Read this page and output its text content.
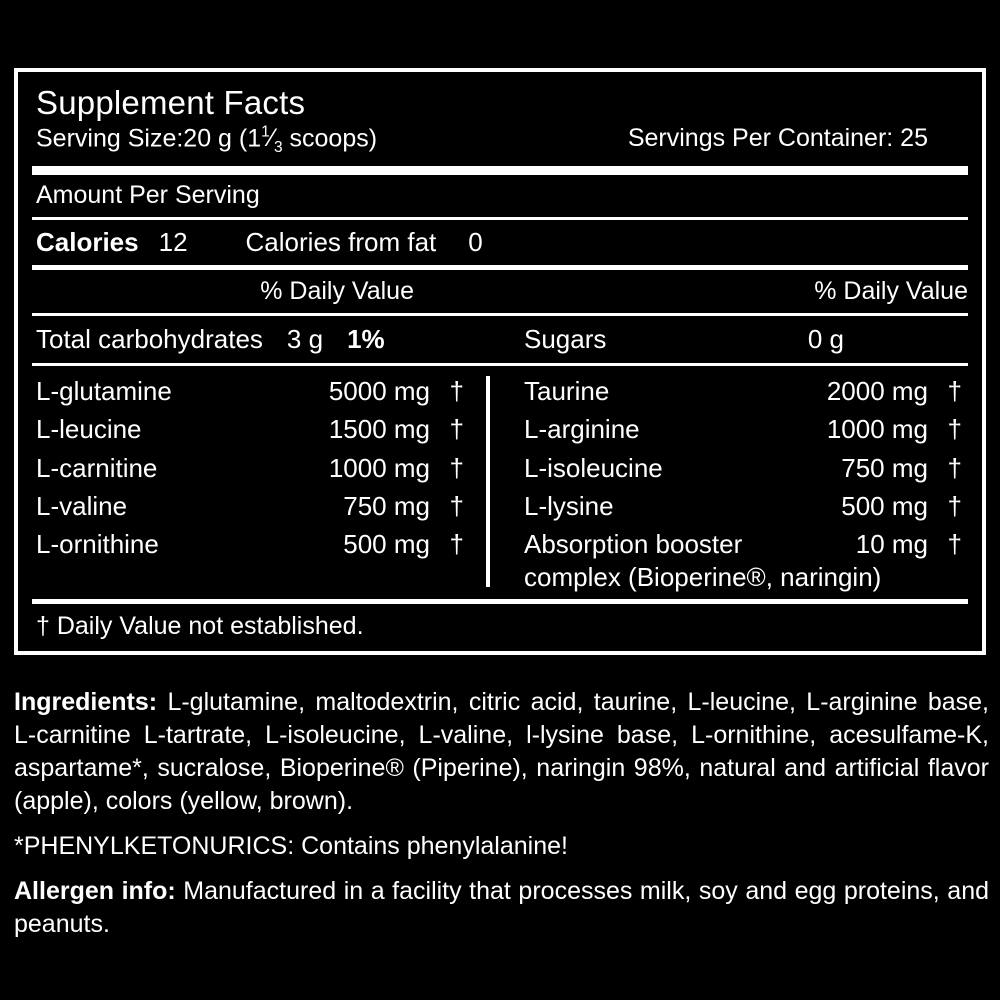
Supplement Facts
Serving Size:20 g ($1^1⁄_3$ scoops)	Servings Per Container: 25
Amount Per Serving
Calories 12 Calories from fat 0
% Daily Value	% Daily Value
Total carbohydrates 3 g 1%	Sugars	0 g
L-glutamine	5000 mg †
L-leucine	1500 mg †
L-carnitine	1000 mg †
L-valine	750 mg †
L-ornithine	500 mg †
Taurine	2000 mg †
L-arginine	1000 mg †
L-isoleucine	750 mg †
L-lysine	500 mg †
Absorption booster	10 mg †
complex (Bioperine®, naringin)
† Daily Value not established.

Ingredients: L-glutamine, maltodextrin, citric acid, taurine, L-leucine, L-arginine base, L-carnitine L-tartrate, L-isoleucine, L-valine, l-lysine base, L-ornithine, acesulfame-K, aspartame*, sucralose, Bioperine® (Piperine), naringin 98%, natural and artificial flavor (apple), colors (yellow, brown).

*PHENYLKETONURICS: Contains phenylalanine!

Allergen info: Manufactured in a facility that processes milk, soy and egg proteins, and peanuts.
